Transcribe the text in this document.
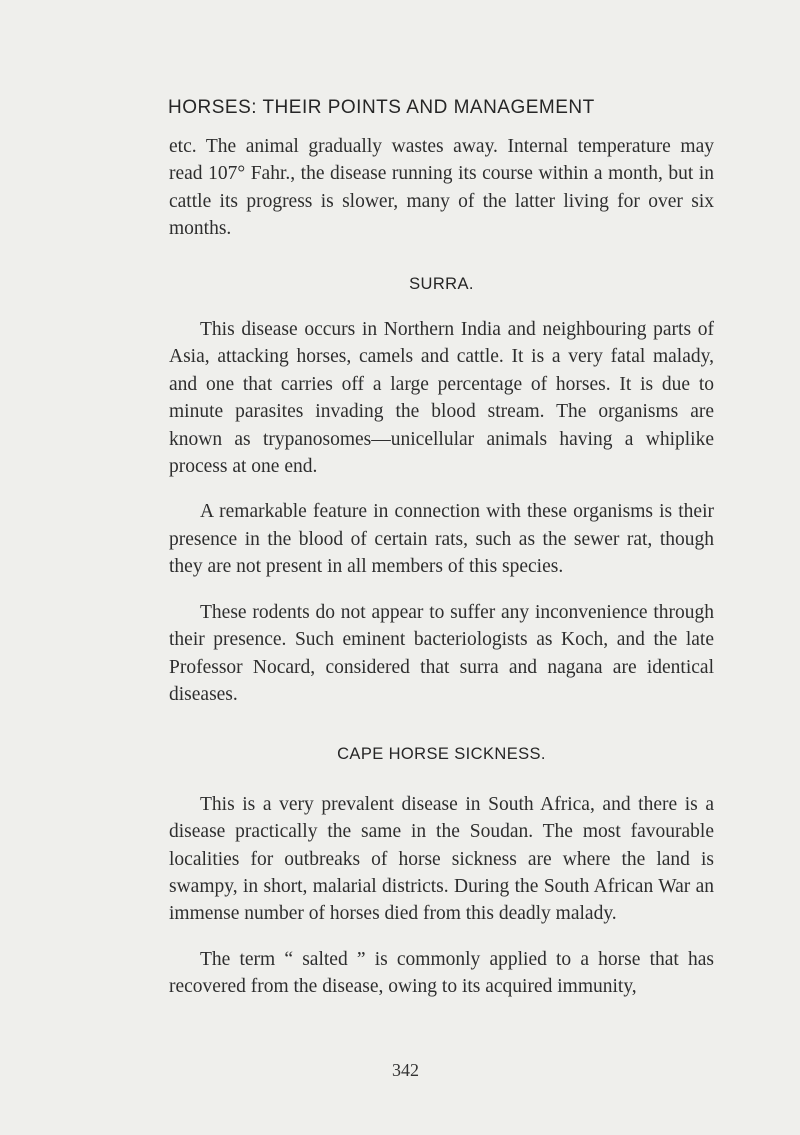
HORSES: THEIR POINTS AND MANAGEMENT

etc. The animal gradually wastes away. Internal temperature may read 107° Fahr., the disease running its course within a month, but in cattle its progress is slower, many of the latter living for over six months.

SURRA.

This disease occurs in Northern India and neighbouring parts of Asia, attacking horses, camels and cattle. It is a very fatal malady, and one that carries off a large percentage of horses. It is due to minute parasites invading the blood stream. The organisms are known as trypanosomes—unicellular animals having a whiplike process at one end.

A remarkable feature in connection with these organisms is their presence in the blood of certain rats, such as the sewer rat, though they are not present in all members of this species.

These rodents do not appear to suffer any inconvenience through their presence. Such eminent bacteriologists as Koch, and the late Professor Nocard, considered that surra and nagana are identical diseases.

CAPE HORSE SICKNESS.

This is a very prevalent disease in South Africa, and there is a disease practically the same in the Soudan. The most favourable localities for outbreaks of horse sickness are where the land is swampy, in short, malarial districts. During the South African War an immense number of horses died from this deadly malady.

The term “ salted ” is commonly applied to a horse that has recovered from the disease, owing to its acquired immunity,

342
